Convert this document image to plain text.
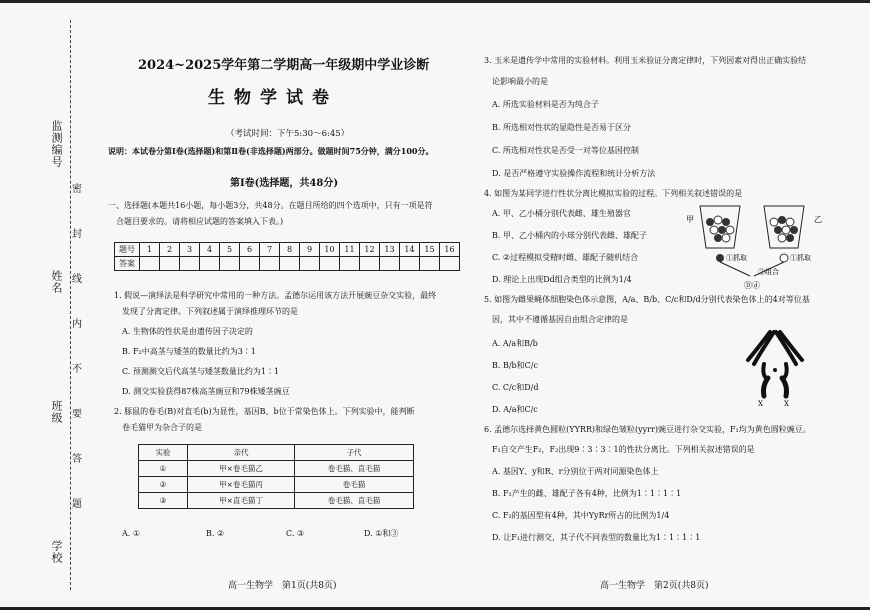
监测编号
姓名
班级
学校
密
封
线
内
不
要
答
题
2024~2025学年第二学期高一年级期中学业诊断
生物学试卷
（考试时间：下午5:30～6:45）
说明：本试卷分第Ⅰ卷(选择题)和第Ⅱ卷(非选择题)两部分。做题时间75分钟，满分100分。
第Ⅰ卷(选择题，共48分)
一、选择题(本题共16小题，每小题3分，共48分。在题目所给的四个选项中，只有一项是符
合题目要求的。请将相应试题的答案填入下表。)
题号	1	2	3	4	5	6	7	8	9	10	11	12	13	14	15	16
答案																
1. 假说—演绎法是科学研究中常用的一种方法。孟德尔运用该方法开展豌豆杂交实验，最终
发现了分离定律。下列叙述属于演绎推理环节的是
A. 生物体的性状是由遗传因子决定的
B. F₂中高茎与矮茎的数量比约为3∶1
C. 预测测交后代高茎与矮茎数量比约为1∶1
D. 测交实验获得87株高茎豌豆和79株矮茎豌豆
2. 豚鼠的卷毛(B)对直毛(b)为显性，基因B、b位于常染色体上。下列实验中，能判断
卷毛猫甲为杂合子的是
实验	亲代	子代
①	甲×卷毛猫乙	卷毛猫、直毛猫
②	甲×卷毛猫丙	卷毛猫
③	甲×直毛猫丁	卷毛猫、直毛猫
A. ①	B. ②	C. ③	D. ①和③
高一生物学　第1页(共8页)
3. 玉米是遗传学中常用的实验材料。利用玉米验证分离定律时，下列因素对得出正确实验结
论影响最小的是
A. 所选实验材料是否为纯合子
B. 所选相对性状的显隐性是否易于区分
C. 所选相对性状是否受一对等位基因控制
D. 是否严格遵守实验操作流程和统计分析方法
4. 如图为某同学进行性状分离比模拟实验的过程。下列相关叙述错误的是
A. 甲、乙小桶分别代表雌、雄生殖器官
B. 甲、乙小桶内的小球分别代表雌、雄配子
C. ②过程模拟受精时雌、雄配子随机结合
D. 理论上出现Dd组合类型的比例为1/4
甲	乙
①抓取	①抓取
②组合
Ⓓⓓ
5. 如图为雌果蝇体细胞染色体示意图，A/a、B/b、C/c和D/d分别代表染色体上的4对等位基
因，其中不遵循基因自由组合定律的是
A. A/a和B/b
B. B/b和C/c
C. C/c和D/d
D. A/a和C/c
X	X
6. 孟德尔选择黄色圆粒(YYRR)和绿色皱粒(yyrr)豌豆进行杂交实验，F₁均为黄色圆粒豌豆。
F₁自交产生F₂，F₂出现9∶3∶3∶1的性状分离比。下列相关叙述错误的是
A. 基因Y、y和R、r分别位于两对同源染色体上
B. F₁产生的雌、雄配子各有4种，比例为1∶1∶1∶1
C. F₂的基因型有4种，其中YyRr所占的比例为1/4
D. 让F₁进行测交，其子代不同表型的数量比为1∶1∶1∶1
高一生物学　第2页(共8页)
